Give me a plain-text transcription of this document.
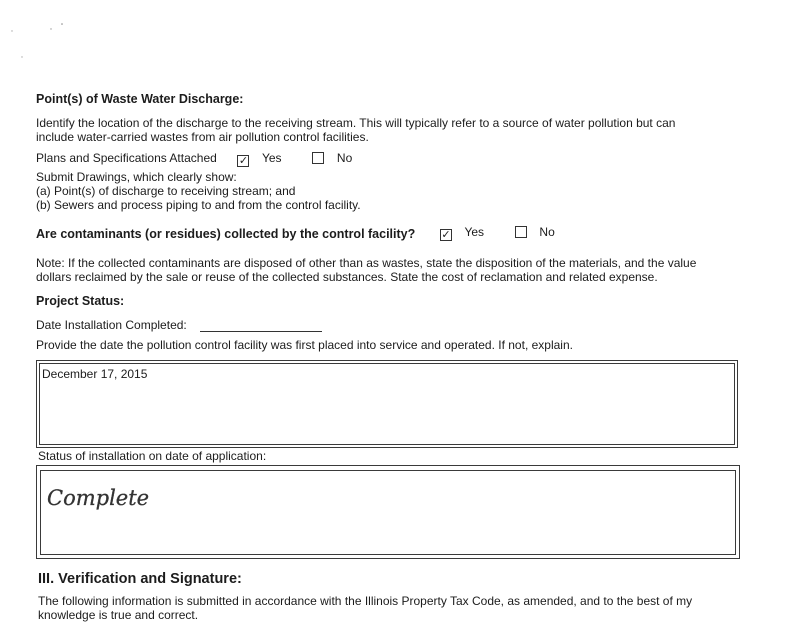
Point(s) of Waste Water Discharge:
Identify the location of the discharge to the receiving stream. This will typically refer to a source of water pollution but can
include water-carried wastes from air pollution control facilities.
Plans and Specifications Attached ✓ Yes	No
Submit Drawings, which clearly show:
(a) Point(s) of discharge to receiving stream; and
(b) Sewers and process piping to and from the control facility.
Are contaminants (or residues) collected by the control facility? ✓ Yes	No
Note: If the collected contaminants are disposed of other than as wastes, state the disposition of the materials, and the value
dollars reclaimed by the sale or reuse of the collected substances. State the cost of reclamation and related expense.
Project Status:
Date Installation Completed:
Provide the date the pollution control facility was first placed into service and operated. If not, explain.
December 17, 2015
Status of installation on date of application:
Complete
III. Verification and Signature:
The following information is submitted in accordance with the Illinois Property Tax Code, as amended, and to the best of my
knowledge is true and correct.
